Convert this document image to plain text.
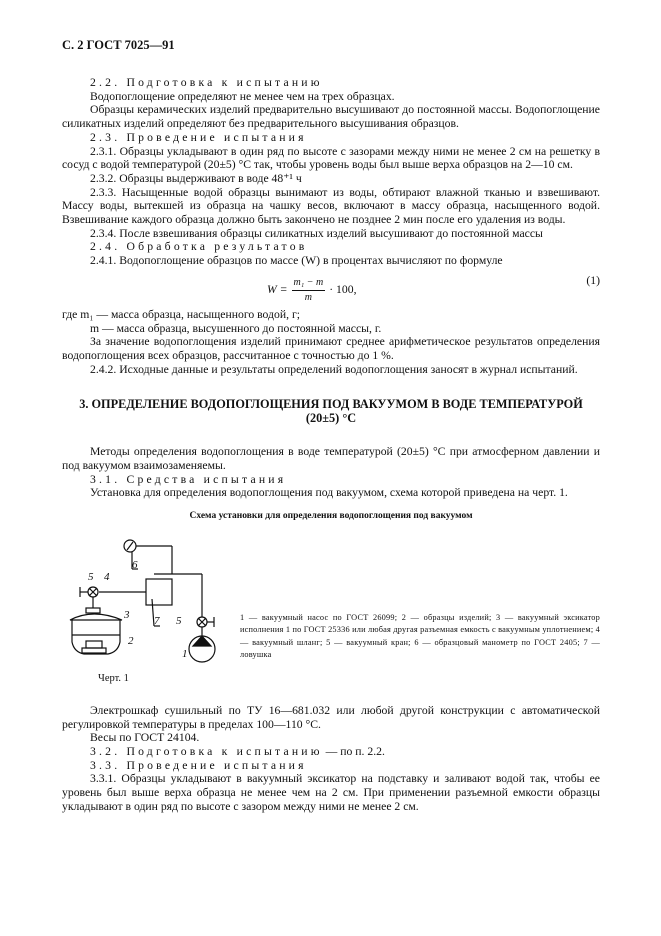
С. 2 ГОСТ 7025—91

2.2. Подготовка к испытанию

Водопоглощение определяют не менее чем на трех образцах.

Образцы керамических изделий предварительно высушивают до постоянной массы. Водопоглощение силикатных изделий определяют без предварительного высушивания образцов.

2.3. Проведение испытания

2.3.1. Образцы укладывают в один ряд по высоте с зазорами между ними не менее 2 см на решетку в сосуд с водой температурой (20±5) °С так, чтобы уровень воды был выше верха образцов на 2—10 см.

2.3.2. Образцы выдерживают в воде 48⁺¹ ч

2.3.3. Насыщенные водой образцы вынимают из воды, обтирают влажной тканью и взвешивают. Массу воды, вытекшей из образца на чашку весов, включают в массу образца, насыщенного водой. Взвешивание каждого образца должно быть закончено не позднее 2 мин после его удаления из воды.

2.3.4. После взвешивания образцы силикатных изделий высушивают до постоянной массы

2.4. Обработка результатов

2.4.1. Водопоглощение образцов по массе (W) в процентах вычисляют по формуле

$W = \frac{\text{m₁ − m}}{m} \cdot 100$,
(1)

где m₁ — масса образца, насыщенного водой, г;

m — масса образца, высушенного до постоянной массы, г.

За значение водопоглощения изделий принимают среднее арифметическое результатов определения водопоглощения всех образцов, рассчитанное с точностью до 1 %.

2.4.2. Исходные данные и результаты определений водопоглощения заносят в журнал испытаний.

3. ОПРЕДЕЛЕНИЕ ВОДОПОГЛОЩЕНИЯ ПОД ВАКУУМОМ В ВОДЕ ТЕМПЕРАТУРОЙ (20±5) °С

Методы определения водопоглощения в воде температурой (20±5) °С при атмосферном давлении и под вакуумом взаимозаменяемы.

3.1. Средства испытания

Установка для определения водопоглощения под вакуумом, схема которой приведена на черт. 1.

Схема установки для определения водопоглощения под вакуумом
5 4
6
3
2
7 5
1
1 — вакуумный насос по ГОСТ 26099; 2 — образцы изделий; 3 — вакуумный эксикатор исполнения 1 по ГОСТ 25336 или любая другая разъемная емкость с вакуумным уплотнением; 4 — вакуумный шланг; 5 — вакуумный кран; 6 — образцовый манометр по ГОСТ 2405; 7 — ловушка
Черт. 1

Электрошкаф сушильный по ТУ 16—681.032 или любой другой конструкции с автоматической регулировкой температуры в пределах 100—110 °С.

Весы по ГОСТ 24104.

3.2. Подготовка к испытанию — по п. 2.2.

3.3. Проведение испытания

3.3.1. Образцы укладывают в вакуумный эксикатор на подставку и заливают водой так, чтобы ее уровень был выше верха образца не менее чем на 2 см. При применении разъемной емкости образцы укладывают в один ряд по высоте с зазором между ними не менее 2 см.
